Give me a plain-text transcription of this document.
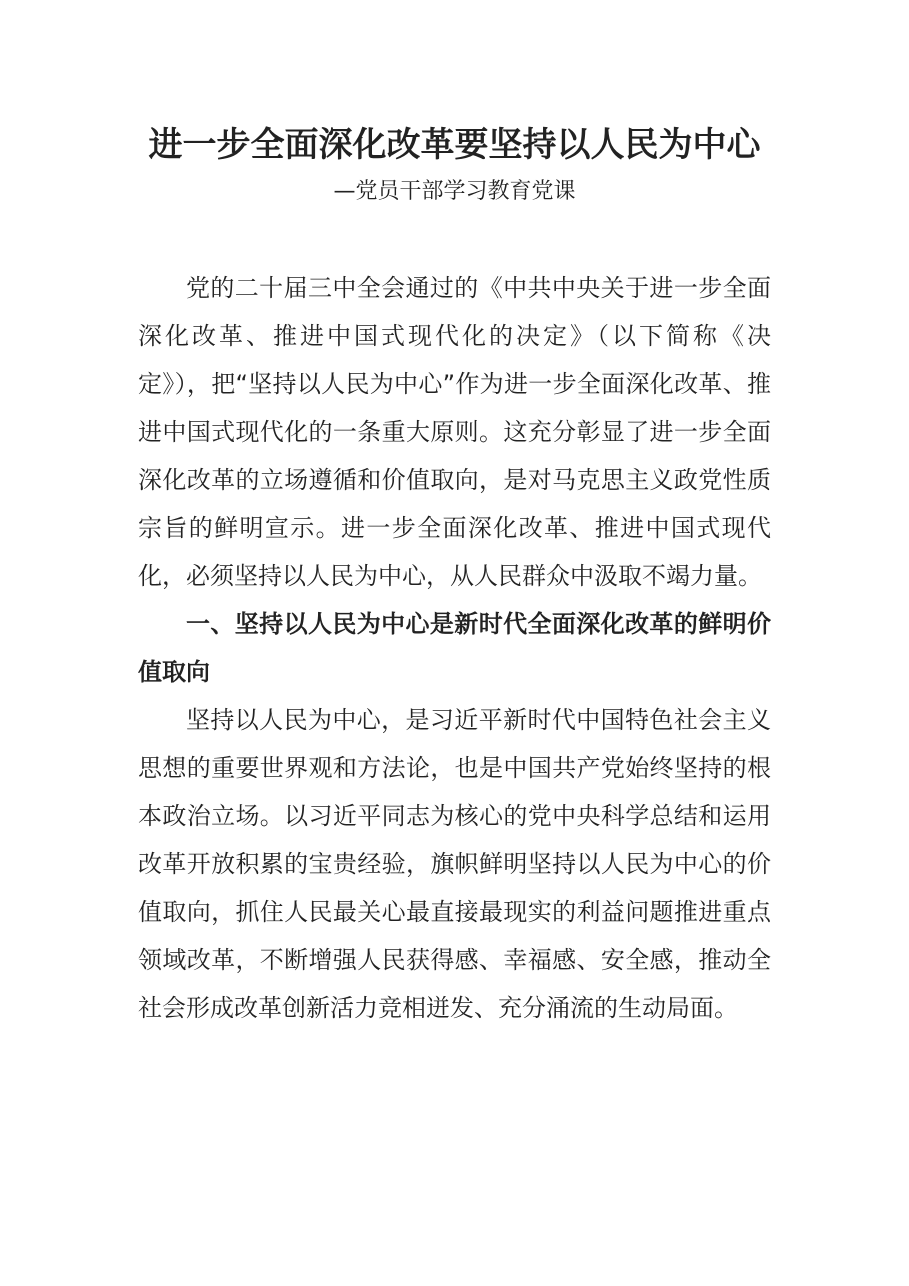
进一步全面深化改革要坚持以人民为中心
—党员干部学习教育党课

党的二十届三中全会通过的《中共中央关于进一步全面深化改革、推进中国式现代化的决定》（以下简称《决定》），把“坚持以人民为中心”作为进一步全面深化改革、推进中国式现代化的一条重大原则。这充分彰显了进一步全面深化改革的立场遵循和价值取向，是对马克思主义政党性质宗旨的鲜明宣示。进一步全面深化改革、推进中国式现代化，必须坚持以人民为中心，从人民群众中汲取不竭力量。

一、坚持以人民为中心是新时代全面深化改革的鲜明价值取向

坚持以人民为中心，是习近平新时代中国特色社会主义思想的重要世界观和方法论，也是中国共产党始终坚持的根本政治立场。以习近平同志为核心的党中央科学总结和运用改革开放积累的宝贵经验，旗帜鲜明坚持以人民为中心的价值取向，抓住人民最关心最直接最现实的利益问题推进重点领域改革，不断增强人民获得感、幸福感、安全感，推动全社会形成改革创新活力竞相迸发、充分涌流的生动局面。
